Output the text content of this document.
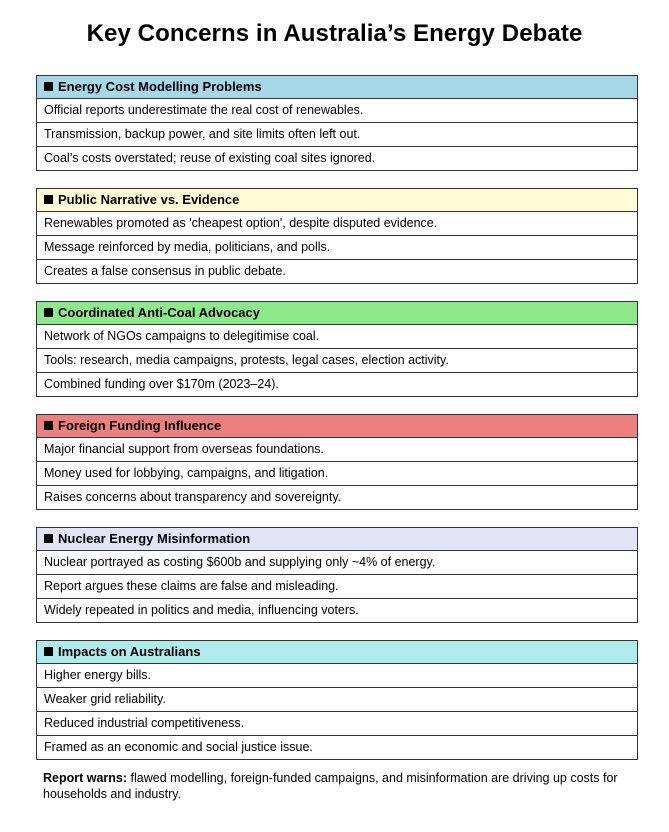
Key Concerns in Australia’s Energy Debate
Energy Cost Modelling Problems
Official reports underestimate the real cost of renewables.
Transmission, backup power, and site limits often left out.
Coal’s costs overstated; reuse of existing coal sites ignored.
Public Narrative vs. Evidence
Renewables promoted as 'cheapest option', despite disputed evidence.
Message reinforced by media, politicians, and polls.
Creates a false consensus in public debate.
Coordinated Anti-Coal Advocacy
Network of NGOs campaigns to delegitimise coal.
Tools: research, media campaigns, protests, legal cases, election activity.
Combined funding over $170m (2023–24).
Foreign Funding Influence
Major financial support from overseas foundations.
Money used for lobbying, campaigns, and litigation.
Raises concerns about transparency and sovereignty.
Nuclear Energy Misinformation
Nuclear portrayed as costing $600b and supplying only ~4% of energy.
Report argues these claims are false and misleading.
Widely repeated in politics and media, influencing voters.
Impacts on Australians
Higher energy bills.
Weaker grid reliability.
Reduced industrial competitiveness.
Framed as an economic and social justice issue.
Report warns: flawed modelling, foreign-funded campaigns, and misinformation are driving up costs for households and industry.
